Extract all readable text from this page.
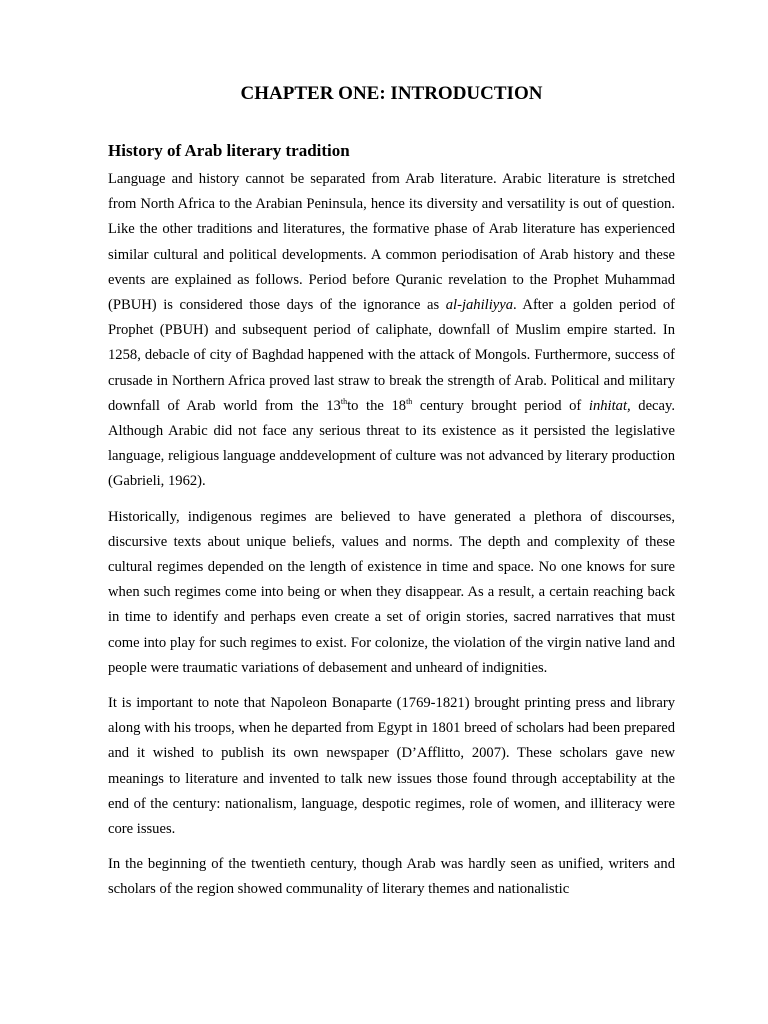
CHAPTER ONE: INTRODUCTION
History of Arab literary tradition

Language and history cannot be separated from Arab literature. Arabic literature is stretched from North Africa to the Arabian Peninsula, hence its diversity and versatility is out of question. Like the other traditions and literatures, the formative phase of Arab literature has experienced similar cultural and political developments. A common periodisation of Arab history and these events are explained as follows. Period before Quranic revelation to the Prophet Muhammad (PBUH) is considered those days of the ignorance as al-jahiliyya. After a golden period of Prophet (PBUH) and subsequent period of caliphate, downfall of Muslim empire started. In 1258, debacle of city of Baghdad happened with the attack of Mongols. Furthermore, success of crusade in Northern Africa proved last straw to break the strength of Arab. Political and military downfall of Arab world from the 13thto the 18th century brought period of inhitat, decay. Although Arabic did not face any serious threat to its existence as it persisted the legislative language, religious language anddevelopment of culture was not advanced by literary production (Gabrieli, 1962).

Historically, indigenous regimes are believed to have generated a plethora of discourses, discursive texts about unique beliefs, values and norms. The depth and complexity of these cultural regimes depended on the length of existence in time and space. No one knows for sure when such regimes come into being or when they disappear. As a result, a certain reaching back in time to identify and perhaps even create a set of origin stories, sacred narratives that must come into play for such regimes to exist. For colonize, the violation of the virgin native land and people were traumatic variations of debasement and unheard of indignities.

It is important to note that Napoleon Bonaparte (1769-1821) brought printing press and library along with his troops, when he departed from Egypt in 1801 breed of scholars had been prepared and it wished to publish its own newspaper (D’Afflitto, 2007). These scholars gave new meanings to literature and invented to talk new issues those found through acceptability at the end of the century: nationalism, language, despotic regimes, role of women, and illiteracy were core issues.

In the beginning of the twentieth century, though Arab was hardly seen as unified, writers and scholars of the region showed communality of literary themes and nationalistic
